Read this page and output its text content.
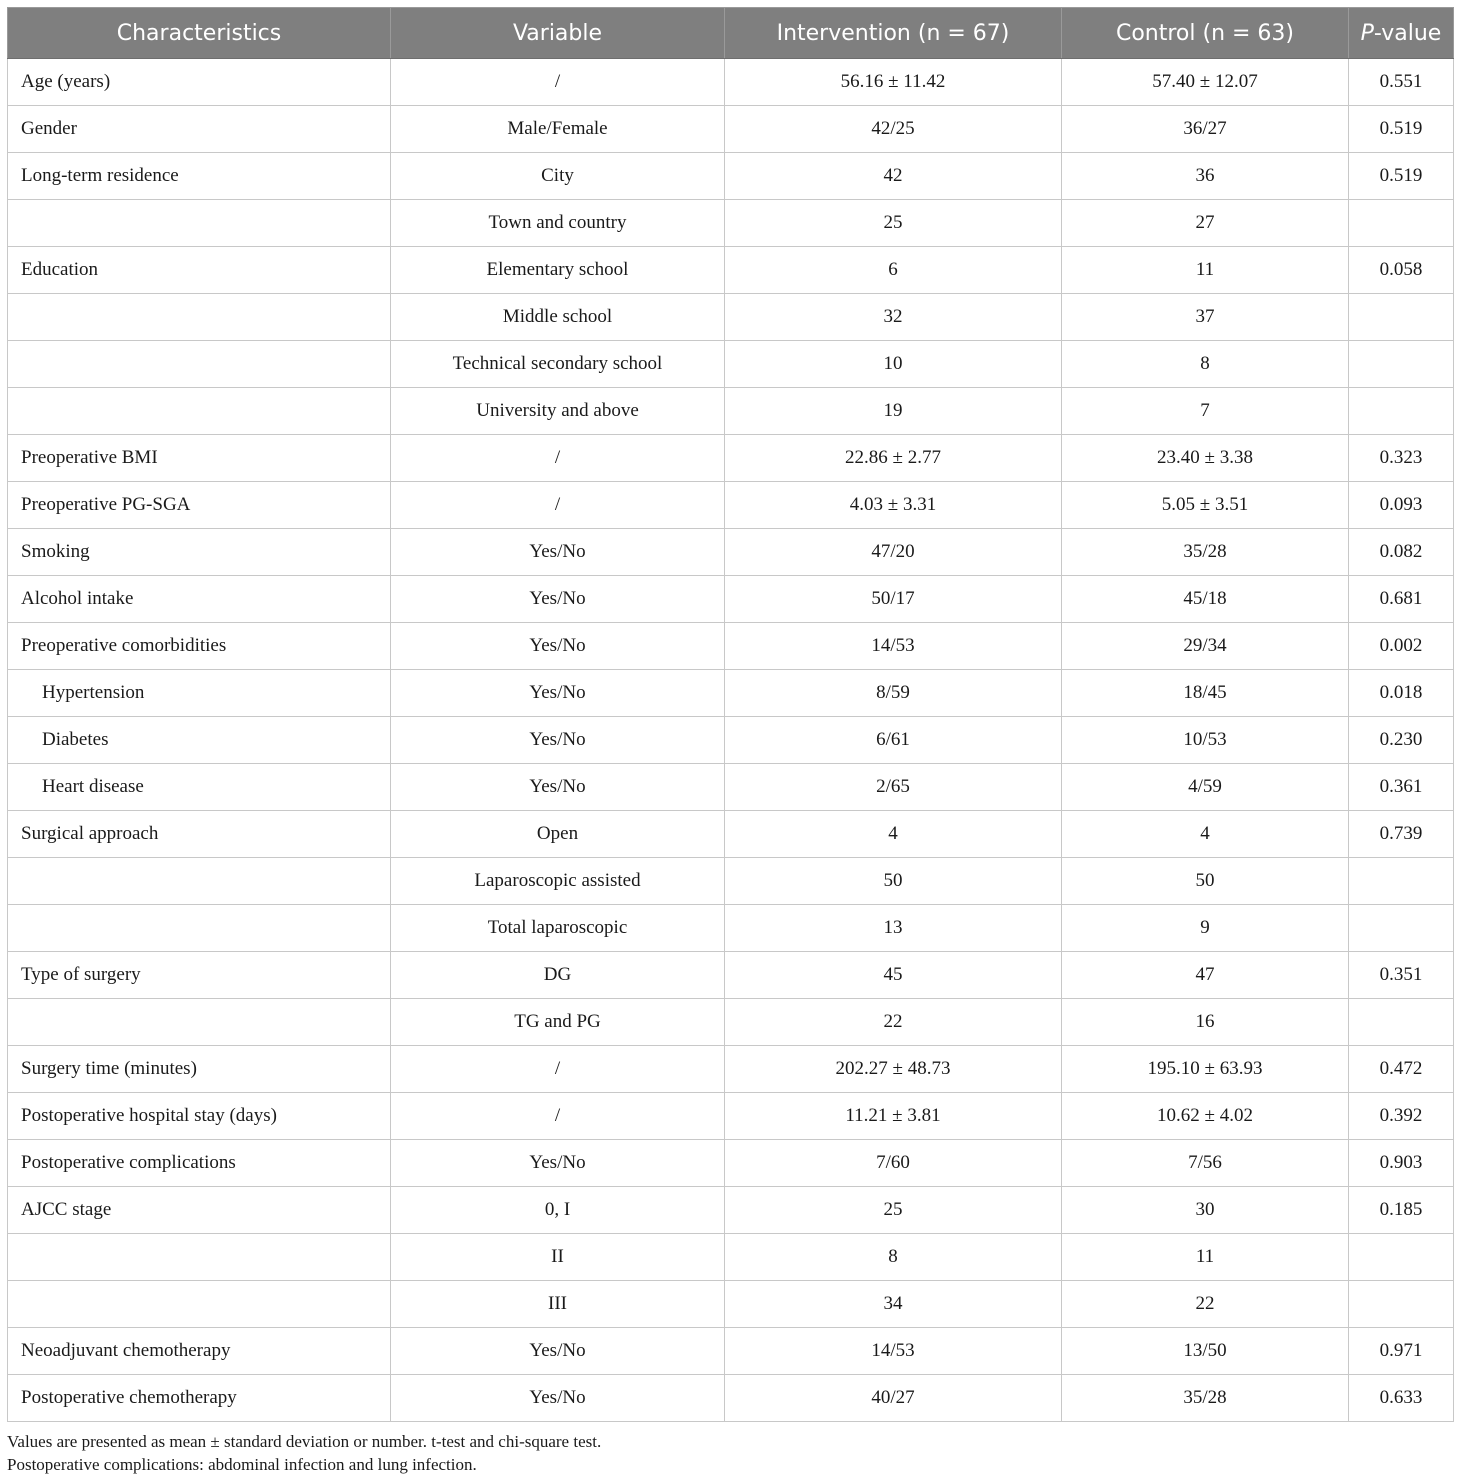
Characteristics	Variable	Intervention (n = 67)	Control (n = 63)	P-value
Age (years)	/	56.16 ± 11.42	57.40 ± 12.07	0.551
Gender	Male/Female	42/25	36/27	0.519
Long-term residence	City	42	36	0.519
	Town and country	25	27	
Education	Elementary school	6	11	0.058
	Middle school	32	37	
	Technical secondary school	10	8	
	University and above	19	7	
Preoperative BMI	/	22.86 ± 2.77	23.40 ± 3.38	0.323
Preoperative PG-SGA	/	4.03 ± 3.31	5.05 ± 3.51	0.093
Smoking	Yes/No	47/20	35/28	0.082
Alcohol intake	Yes/No	50/17	45/18	0.681
Preoperative comorbidities	Yes/No	14/53	29/34	0.002
Hypertension	Yes/No	8/59	18/45	0.018
Diabetes	Yes/No	6/61	10/53	0.230
Heart disease	Yes/No	2/65	4/59	0.361
Surgical approach	Open	4	4	0.739
	Laparoscopic assisted	50	50	
	Total laparoscopic	13	9	
Type of surgery	DG	45	47	0.351
	TG and PG	22	16	
Surgery time (minutes)	/	202.27 ± 48.73	195.10 ± 63.93	0.472
Postoperative hospital stay (days)	/	11.21 ± 3.81	10.62 ± 4.02	0.392
Postoperative complications	Yes/No	7/60	7/56	0.903
AJCC stage	0, I	25	30	0.185
	II	8	11	
	III	34	22	
Neoadjuvant chemotherapy	Yes/No	14/53	13/50	0.971
Postoperative chemotherapy	Yes/No	40/27	35/28	0.633
Values are presented as mean ± standard deviation or number. t-test and chi-square test.
Postoperative complications: abdominal infection and lung infection.
